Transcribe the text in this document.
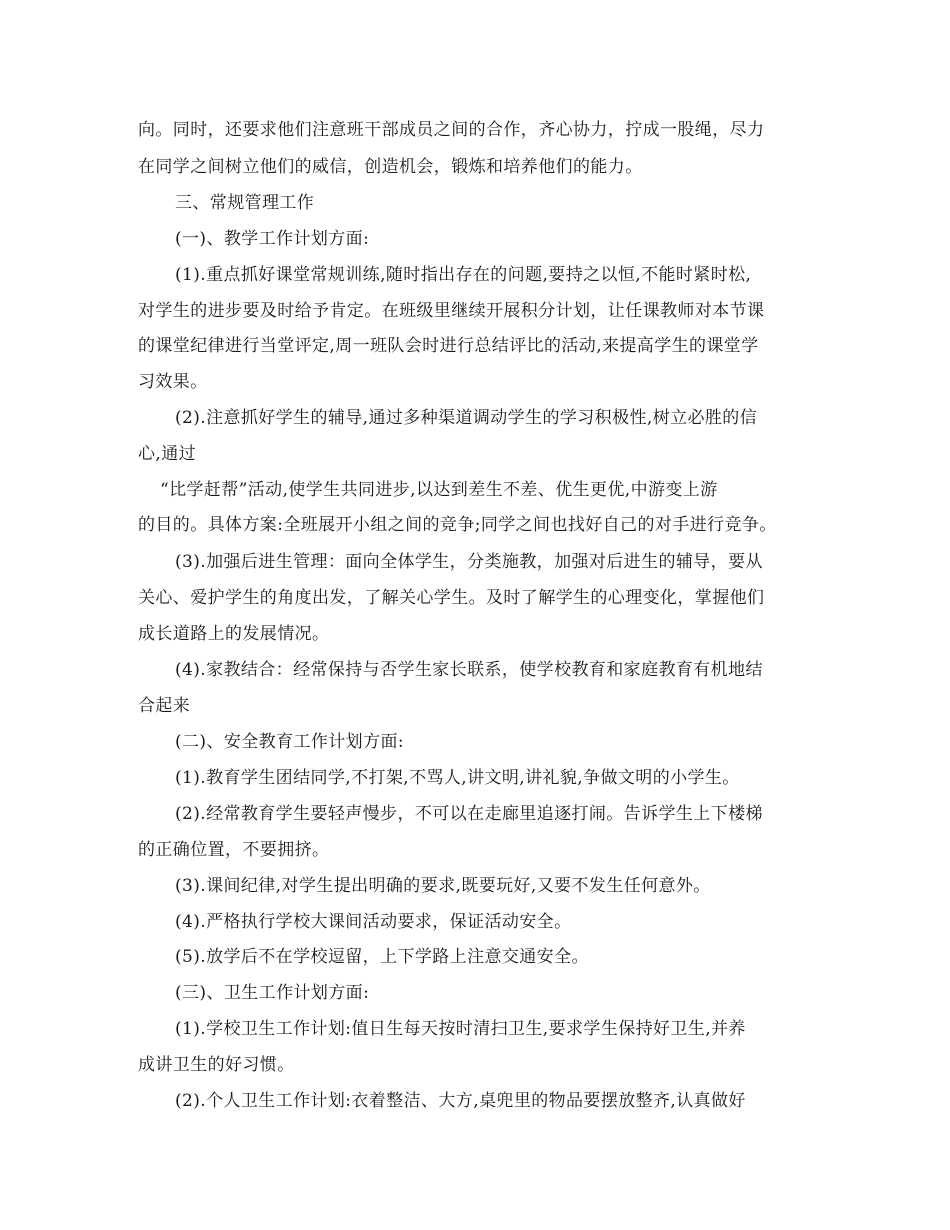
向。同时，还要求他们注意班干部成员之间的合作，齐心协力，拧成一股绳，尽力
在同学之间树立他们的威信，创造机会，锻炼和培养他们的能力。
三、常规管理工作
(一)、教学工作计划方面:
(1).重点抓好课堂常规训练,随时指出存在的问题,要持之以恒,不能时紧时松,
对学生的进步要及时给予肯定。在班级里继续开展积分计划，让任课教师对本节课
的课堂纪律进行当堂评定,周一班队会时进行总结评比的活动,来提高学生的课堂学
习效果。
(2).注意抓好学生的辅导,通过多种渠道调动学生的学习积极性,树立必胜的信
心,通过
“比学赶帮”活动,使学生共同进步,以达到差生不差、优生更优,中游变上游
的目的。具体方案:全班展开小组之间的竞争;同学之间也找好自己的对手进行竞争。
(3).加强后进生管理：面向全体学生，分类施教，加强对后进生的辅导，要从
关心、爱护学生的角度出发，了解关心学生。及时了解学生的心理变化，掌握他们
成长道路上的发展情况。
(4).家教结合：经常保持与否学生家长联系，使学校教育和家庭教育有机地结
合起来
(二)、安全教育工作计划方面:
(1).教育学生团结同学,不打架,不骂人,讲文明,讲礼貌,争做文明的小学生。
(2).经常教育学生要轻声慢步，不可以在走廊里追逐打闹。告诉学生上下楼梯
的正确位置，不要拥挤。
(3).课间纪律,对学生提出明确的要求,既要玩好,又要不发生任何意外。
(4).严格执行学校大课间活动要求，保证活动安全。
(5).放学后不在学校逗留，上下学路上注意交通安全。
(三)、卫生工作计划方面:
(1).学校卫生工作计划:值日生每天按时清扫卫生,要求学生保持好卫生,并养
成讲卫生的好习惯。
(2).个人卫生工作计划:衣着整洁、大方,桌兜里的物品要摆放整齐,认真做好
